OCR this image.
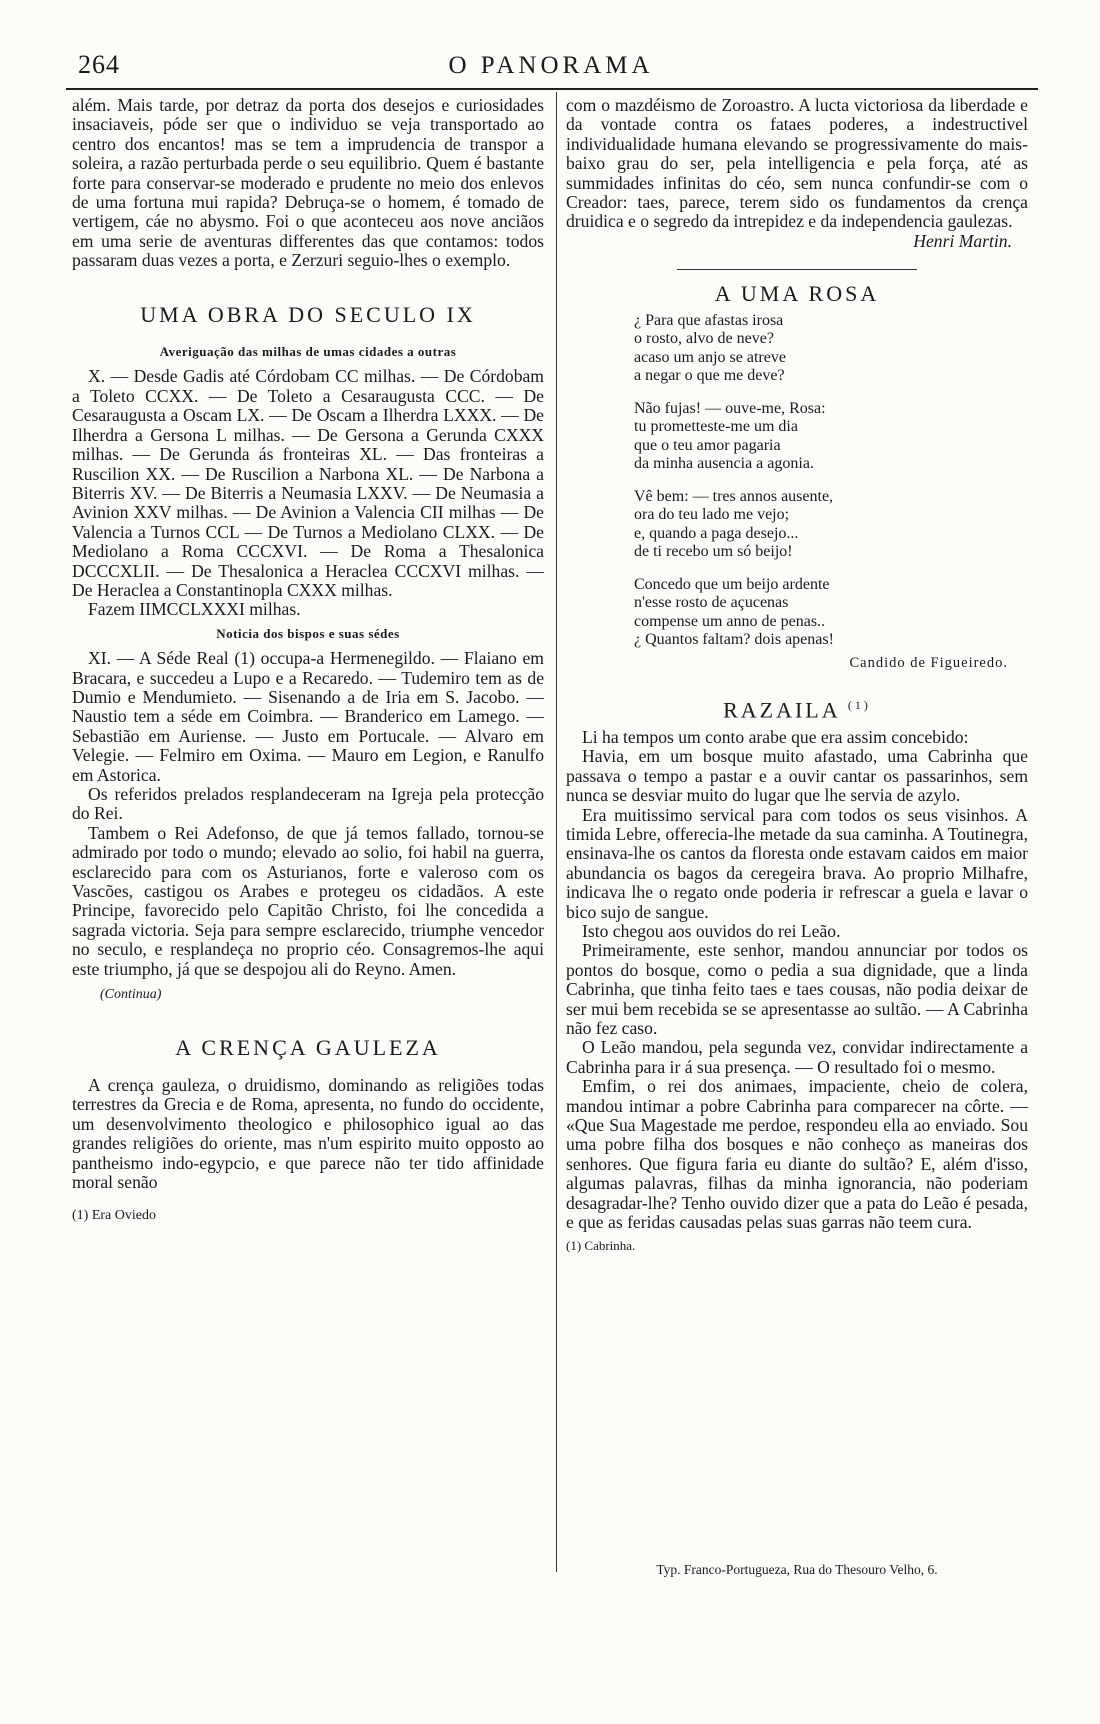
264	O PANORAMA

além. Mais tarde, por detraz da porta dos desejos e curiosidades insaciaveis, póde ser que o individuo se veja transportado ao centro dos encantos! mas se tem a imprudencia de transpor a soleira, a razão perturbada perde o seu equilibrio. Quem é bastante forte para conservar-se moderado e prudente no meio dos enlevos de uma fortuna mui rapida? Debruça-se o homem, é tomado de vertigem, cáe no abysmo. Foi o que aconteceu aos nove anciãos em uma serie de aventuras differentes das que contamos: todos passaram duas vezes a porta, e Zerzuri seguio-lhes o exemplo.

UMA OBRA DO SECULO IX
Averiguação das milhas de umas cidades a outras

X. — Desde Gadis até Córdobam CC milhas. — De Córdobam a Toleto CCXX. — De Toleto a Cesaraugusta CCC. — De Cesaraugusta a Oscam LX. — De Oscam a Ilherdra LXXX. — De Ilherdra a Gersona L milhas. — De Gersona a Gerunda CXXX milhas. — De Gerunda ás fronteiras XL. — Das fronteiras a Ruscilion XX. — De Ruscilion a Narbona XL. — De Narbona a Biterris XV. — De Biterris a Neumasia LXXV. — De Neumasia a Avinion XXV milhas. — De Avinion a Valencia CII milhas — De Valencia a Turnos CCL — De Turnos a Mediolano CLXX. — De Mediolano a Roma CCCXVI. — De Roma a Thesalonica DCCCXLII. — De Thesalonica a Heraclea CCCXVI milhas. — De Heraclea a Constantinopla CXXX milhas.

Fazem IIMCCLXXXI milhas.

Noticia dos bispos e suas sédes

XI. — A Séde Real (1) occupa-a Hermenegildo. — Flaiano em Bracara, e succedeu a Lupo e a Recaredo. — Tudemiro tem as de Dumio e Mendumieto. — Sisenando a de Iria em S. Jacobo. — Naustio tem a séde em Coimbra. — Branderico em Lamego. — Sebastião em Auriense. — Justo em Portucale. — Alvaro em Velegie. — Felmiro em Oxima. — Mauro em Legion, e Ranulfo em Astorica.

Os referidos prelados resplandeceram na Igreja pela protecção do Rei.

Tambem o Rei Adefonso, de que já temos fallado, tornou-se admirado por todo o mundo; elevado ao solio, foi habil na guerra, esclarecido para com os Asturianos, forte e valeroso com os Vascões, castigou os Arabes e protegeu os cidadãos. A este Principe, favorecido pelo Capitão Christo, foi lhe concedida a sagrada victoria. Seja para sempre esclarecido, triumphe vencedor no seculo, e resplandeça no proprio céo. Consagremos-lhe aqui este triumpho, já que se despojou ali do Reyno. Amen.

(Continua)
A CRENÇA GAULEZA

A crença gauleza, o druidismo, dominando as religiões todas terrestres da Grecia e de Roma, apresenta, no fundo do occidente, um desenvolvimento theologico e philosophico igual ao das grandes religiões do oriente, mas n'um espirito muito opposto ao pantheismo indo-egypcio, e que parece não ter tido affinidade moral senão

(1) Era Oviedo

com o mazdéismo de Zoroastro. A lucta victoriosa da liberdade e da vontade contra os fataes poderes, a indestructivel individualidade humana elevando se progressivamente do mais-baixo grau do ser, pela intelligencia e pela força, até as summidades infinitas do céo, sem nunca confundir-se com o Creador: taes, parece, terem sido os fundamentos da crença druidica e o segredo da intrepidez e da independencia gaulezas.

Henri Martin.
A UMA ROSA
¿ Para que afastas irosa
o rosto, alvo de neve?
acaso um anjo se atreve
a negar o que me deve?
Não fujas! — ouve-me, Rosa:
tu prometteste-me um dia
que o teu amor pagaria
da minha ausencia a agonia.
Vê bem: — tres annos ausente,
ora do teu lado me vejo;
e, quando a paga desejo...
de ti recebo um só beijo!
Concedo que um beijo ardente
n'esse rosto de açucenas
compense um anno de penas..
¿ Quantos faltam? dois apenas!
Candido de Figueiredo.
RAZAILA $^{(1)}$

Li ha tempos um conto arabe que era assim concebido:

Havia, em um bosque muito afastado, uma Cabrinha que passava o tempo a pastar e a ouvir cantar os passarinhos, sem nunca se desviar muito do lugar que lhe servia de azylo.

Era muitissimo servical para com todos os seus visinhos. A timida Lebre, offerecia-lhe metade da sua caminha. A Toutinegra, ensinava-lhe os cantos da floresta onde estavam caidos em maior abundancia os bagos da ceregeira brava. Ao proprio Milhafre, indicava lhe o regato onde poderia ir refrescar a guela e lavar o bico sujo de sangue.

Isto chegou aos ouvidos do rei Leão.

Primeiramente, este senhor, mandou annunciar por todos os pontos do bosque, como o pedia a sua dignidade, que a linda Cabrinha, que tinha feito taes e taes cousas, não podia deixar de ser mui bem recebida se se apresentasse ao sultão. — A Cabrinha não fez caso.

O Leão mandou, pela segunda vez, convidar indirectamente a Cabrinha para ir á sua presença. — O resultado foi o mesmo.

Emfim, o rei dos animaes, impaciente, cheio de colera, mandou intimar a pobre Cabrinha para comparecer na côrte. — «Que Sua Magestade me perdoe, respondeu ella ao enviado. Sou uma pobre filha dos bosques e não conheço as maneiras dos senhores. Que figura faria eu diante do sultão? E, além d'isso, algumas palavras, filhas da minha ignorancia, não poderiam desagradar-lhe? Tenho ouvido dizer que a pata do Leão é pesada, e que as feridas causadas pelas suas garras não teem cura.

(1) Cabrinha.
Typ. Franco-Portugueza, Rua do Thesouro Velho, 6.
